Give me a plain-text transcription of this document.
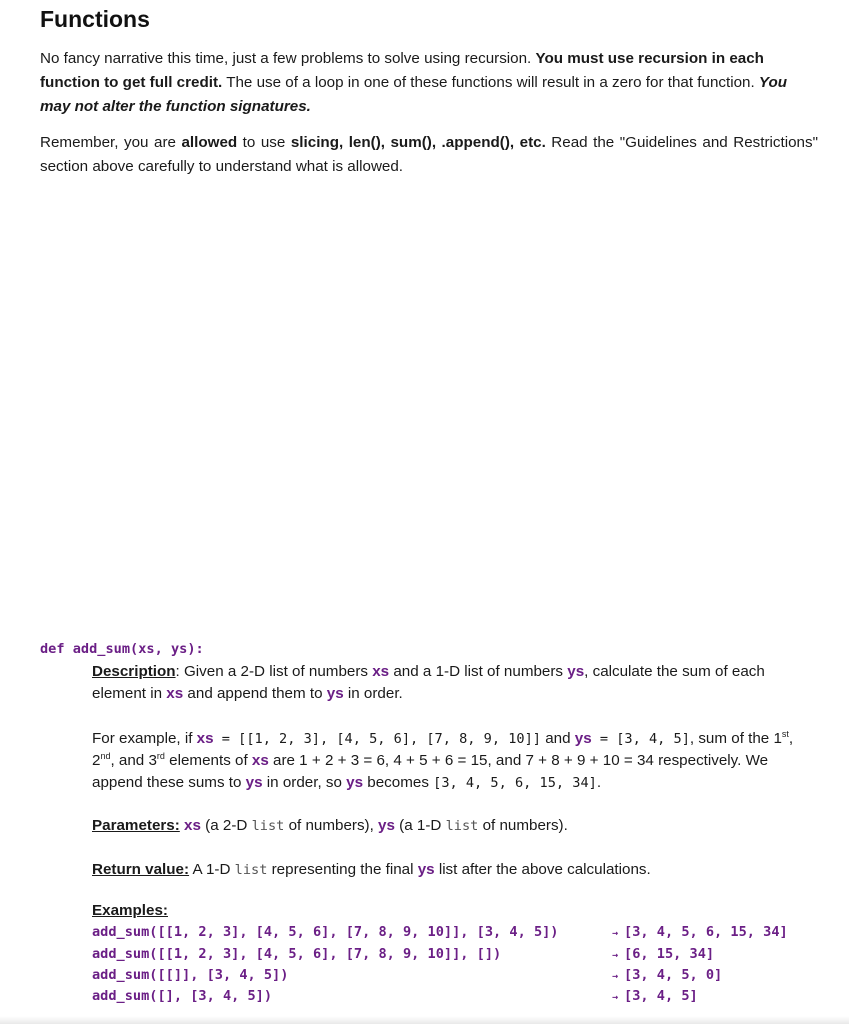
Functions

No fancy narrative this time, just a few problems to solve using recursion. You must use recursion in each function to get full credit. The use of a loop in one of these functions will result in a zero for that function. You may not alter the function signatures.

Remember, you are allowed to use slicing, len(), sum(), .append(), etc. Read the "Guidelines and Restrictions" section above carefully to understand what is allowed.

def add_sum(xs, ys):
Description: Given a 2-D list of numbers xs and a 1-D list of numbers ys, calculate the sum of each element in xs and append them to ys in order.
For example, if xs = [[1, 2, 3], [4, 5, 6], [7, 8, 9, 10]] and ys = [3, 4, 5], sum of the 1st, 2nd, and 3rd elements of xs are 1 + 2 + 3 = 6, 4 + 5 + 6 = 15, and 7 + 8 + 9 + 10 = 34 respectively. We append these sums to ys in order, so ys becomes [3, 4, 5, 6, 15, 34].
Parameters: xs (a 2-D list of numbers), ys (a 1-D list of numbers).
Return value: A 1-D list representing the final ys list after the above calculations.
Examples:
add_sum([[1, 2, 3], [4, 5, 6], [7, 8, 9, 10]], [3, 4, 5])	→ [3, 4, 5, 6, 15, 34]
add_sum([[1, 2, 3], [4, 5, 6], [7, 8, 9, 10]], [])	→ [6, 15, 34]
add_sum([[]], [3, 4, 5])	→ [3, 4, 5, 0]
add_sum([], [3, 4, 5])	→ [3, 4, 5]
